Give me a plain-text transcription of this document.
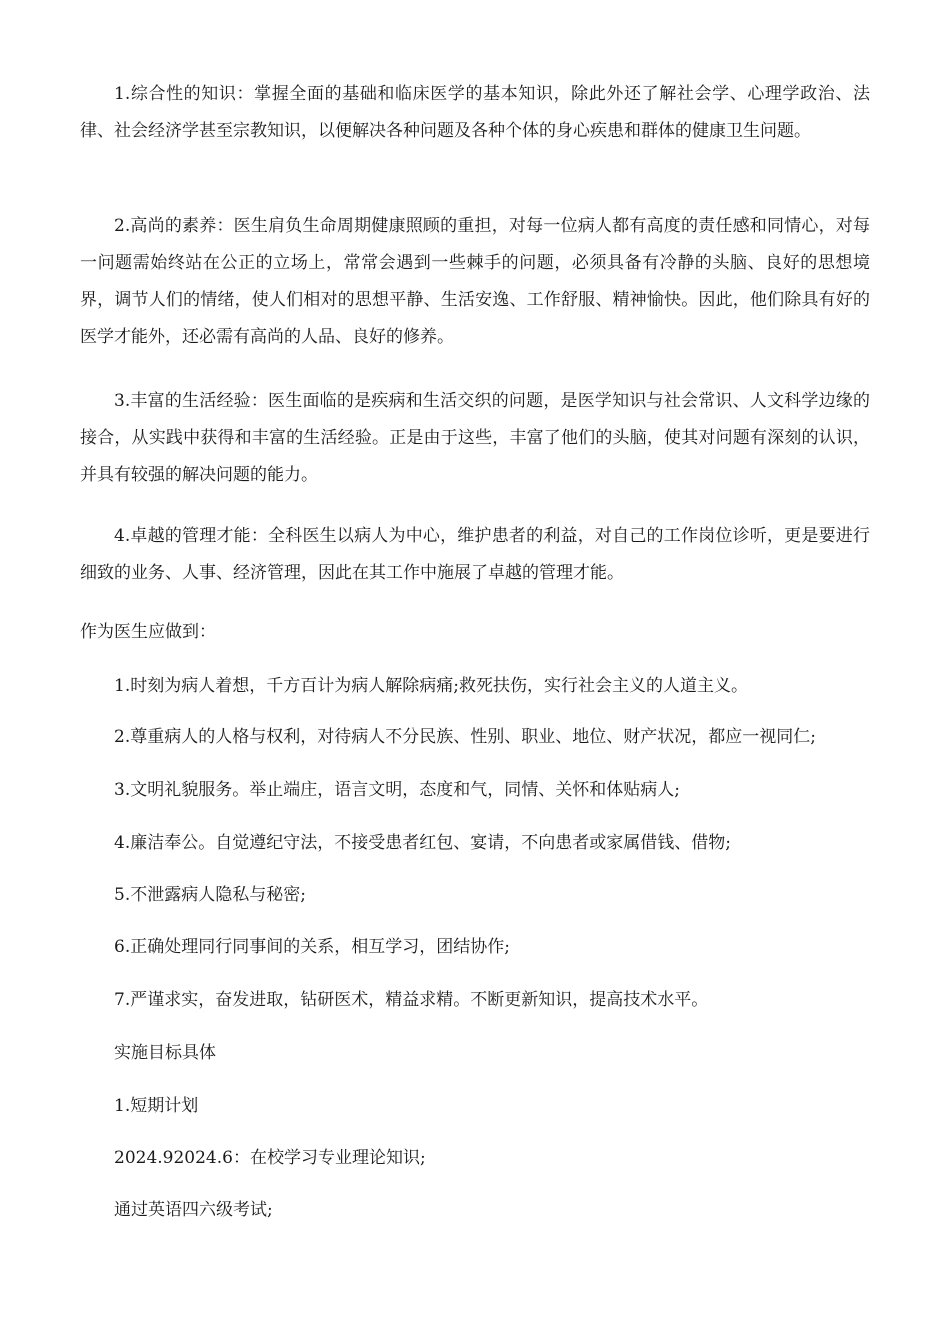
1.综合性的知识：掌握全面的基础和临床医学的基本知识，除此外还了解社会学、心理学政治、法律、社会经济学甚至宗教知识，以便解决各种问题及各种个体的身心疾患和群体的健康卫生问题。

2.高尚的素养：医生肩负生命周期健康照顾的重担，对每一位病人都有高度的责任感和同情心，对每一问题需始终站在公正的立场上，常常会遇到一些棘手的问题，必须具备有冷静的头脑、良好的思想境界，调节人们的情绪，使人们相对的思想平静、生活安逸、工作舒服、精神愉快。因此，他们除具有好的医学才能外，还必需有高尚的人品、良好的修养。

3.丰富的生活经验：医生面临的是疾病和生活交织的问题，是医学知识与社会常识、人文科学边缘的接合，从实践中获得和丰富的生活经验。正是由于这些，丰富了他们的头脑，使其对问题有深刻的认识，并具有较强的解决问题的能力。

4.卓越的管理才能：全科医生以病人为中心，维护患者的利益，对自己的工作岗位诊听，更是要进行细致的业务、人事、经济管理，因此在其工作中施展了卓越的管理才能。

作为医生应做到：

1.时刻为病人着想，千方百计为病人解除病痛;救死扶伤，实行社会主义的人道主义。

2.尊重病人的人格与权利，对待病人不分民族、性别、职业、地位、财产状况，都应一视同仁;

3.文明礼貌服务。举止端庄，语言文明，态度和气，同情、关怀和体贴病人;

4.廉洁奉公。自觉遵纪守法，不接受患者红包、宴请，不向患者或家属借钱、借物;

5.不泄露病人隐私与秘密;

6.正确处理同行同事间的关系，相互学习，团结协作;

7.严谨求实，奋发进取，钻研医术，精益求精。不断更新知识，提高技术水平。

实施目标具体

1.短期计划

2024.92024.6：在校学习专业理论知识;

通过英语四六级考试;
